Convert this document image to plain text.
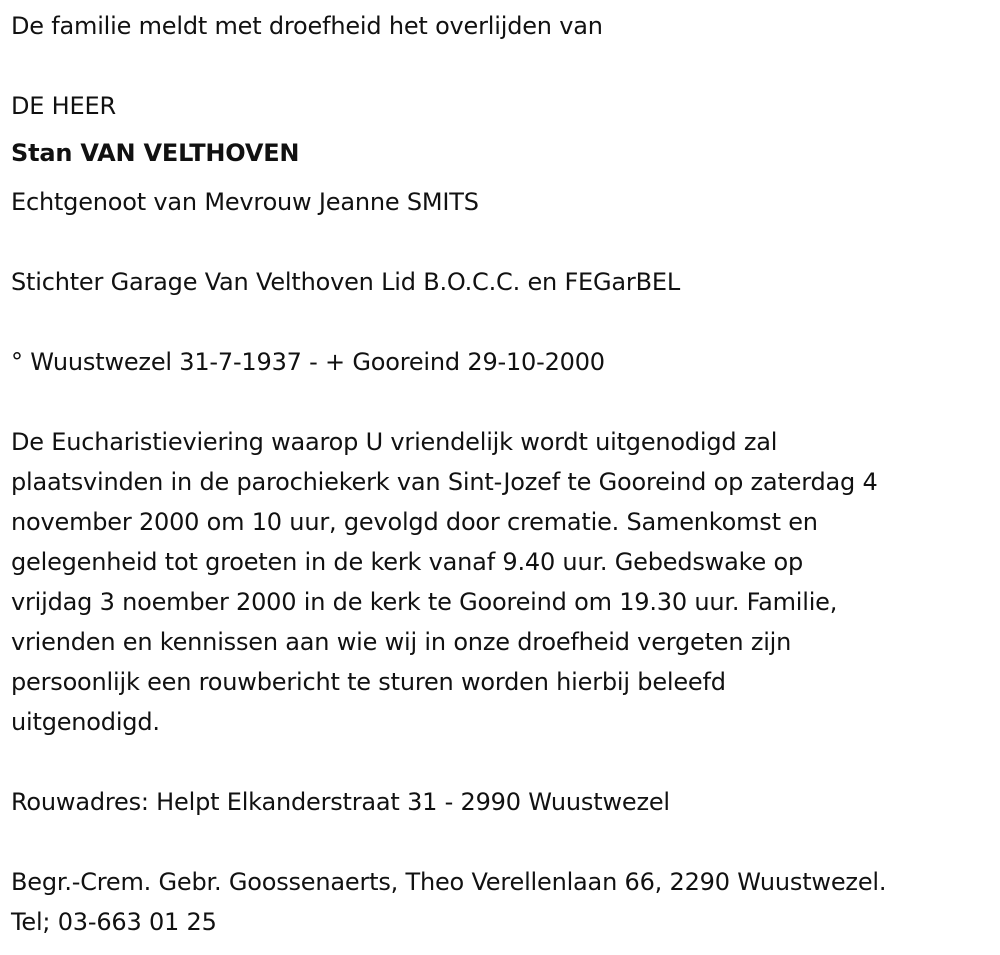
De familie meldt met droefheid het overlijden van
DE HEER
Stan VAN VELTHOVEN
Echtgenoot van Mevrouw Jeanne SMITS
Stichter Garage Van Velthoven Lid B.O.C.C. en FEGarBEL
° Wuustwezel 31-7-1937 - + Gooreind 29-10-2000
De Eucharistieviering waarop U vriendelijk wordt uitgenodigd zal
plaatsvinden in de parochiekerk van Sint-Jozef te Gooreind op zaterdag 4
november 2000 om 10 uur, gevolgd door crematie. Samenkomst en
gelegenheid tot groeten in de kerk vanaf 9.40 uur. Gebedswake op
vrijdag 3 noember 2000 in de kerk te Gooreind om 19.30 uur. Familie,
vrienden en kennissen aan wie wij in onze droefheid vergeten zijn
persoonlijk een rouwbericht te sturen worden hierbij beleefd
uitgenodigd.
Rouwadres: Helpt Elkanderstraat 31 - 2990 Wuustwezel
Begr.-Crem. Gebr. Goossenaerts, Theo Verellenlaan 66, 2290 Wuustwezel.
Tel; 03-663 01 25
